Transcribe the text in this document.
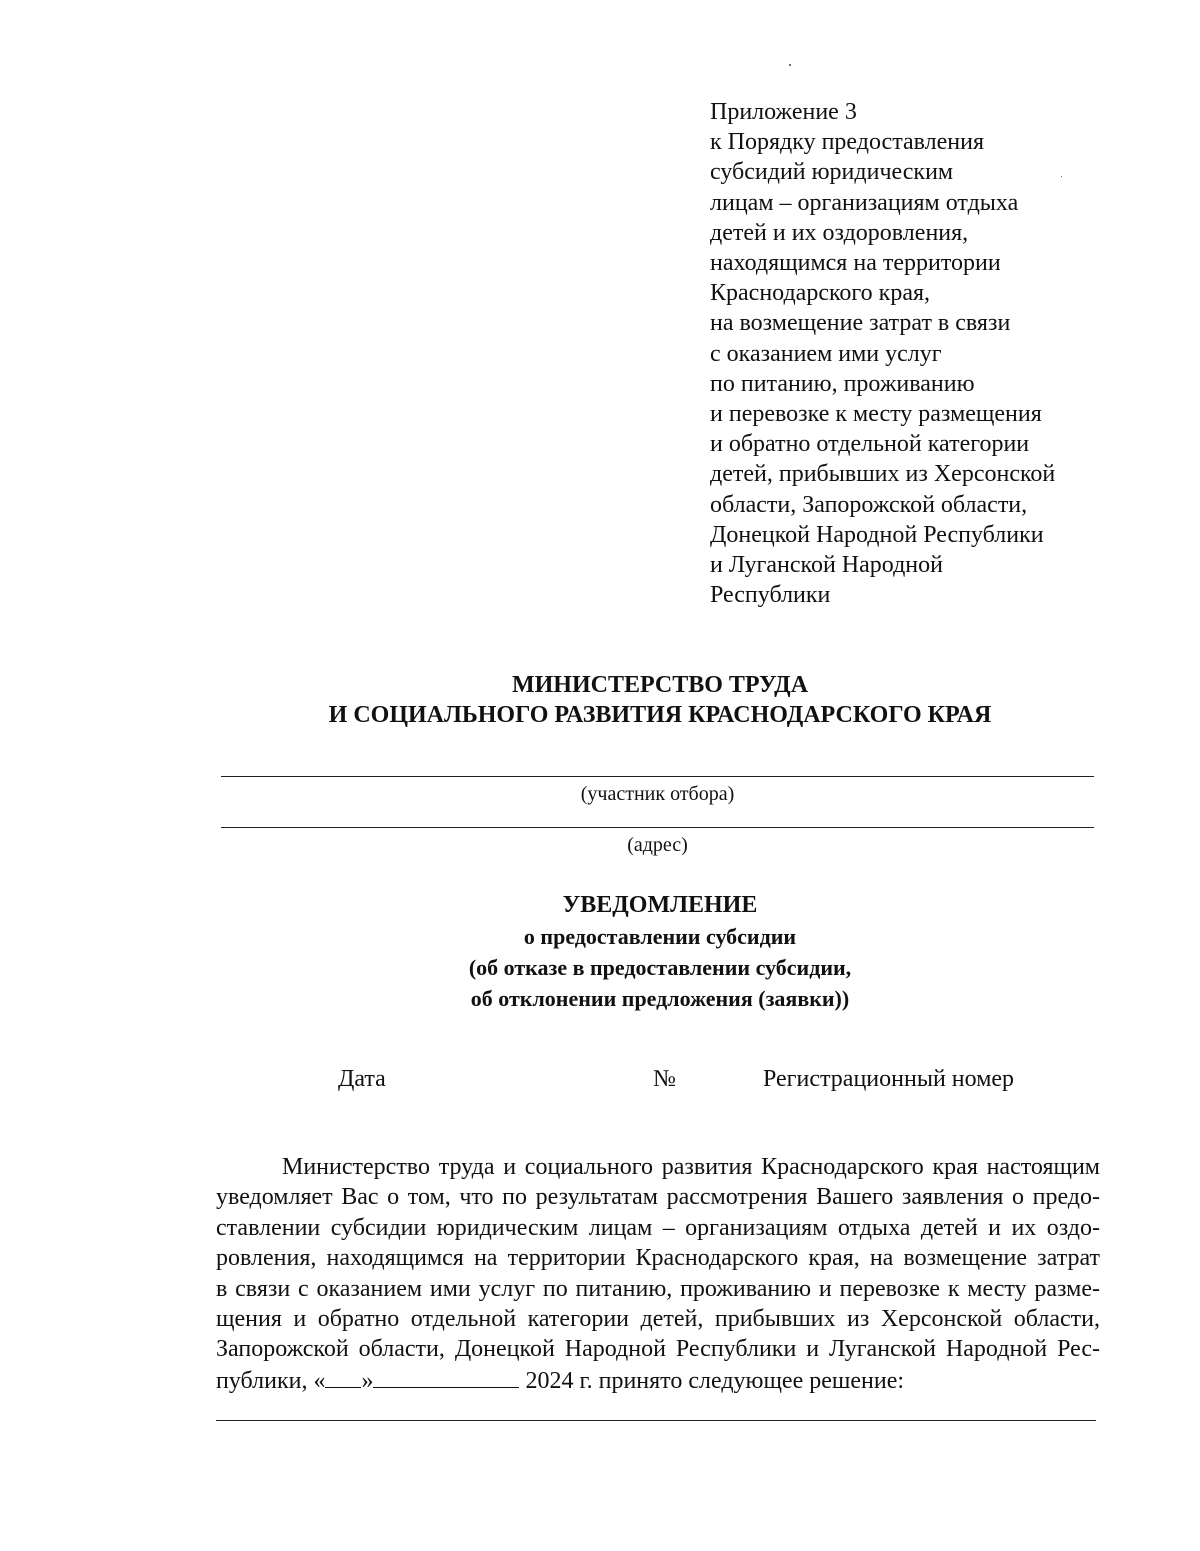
Приложение 3
к Порядку предоставления
субсидий юридическим
лицам – организациям отдыха
детей и их оздоровления,
находящимся на территории
Краснодарского края,
на возмещение затрат в связи
с оказанием ими услуг
по питанию, проживанию
и перевозке к месту размещения
и обратно отдельной категории
детей, прибывших из Херсонской
области, Запорожской области,
Донецкой Народной Республики
и Луганской Народной
Республики
МИНИСТЕРСТВО ТРУДА
И СОЦИАЛЬНОГО РАЗВИТИЯ КРАСНОДАРСКОГО КРАЯ
(участник отбора)
(адрес)
УВЕДОМЛЕНИЕ
о предоставлении субсидии
(об отказе в предоставлении субсидии,
об отклонении предложения (заявки))
Дата	№	Регистрационный номер
Министерство труда и социального развития Краснодарского края настоящим
уведомляет Вас о том, что по результатам рассмотрения Вашего заявления о предо-
ставлении субсидии юридическим лицам – организациям отдыха детей и их оздо-
ровления, находящимся на территории Краснодарского края, на возмещение затрат
в связи с оказанием ими услуг по питанию, проживанию и перевозке к месту разме-
щения и обратно отдельной категории детей, прибывших из Херсонской области,
Запорожской области, Донецкой Народной Республики и Луганской Народной Рес-
публики, « »	2024 г. принято следующее решение:
